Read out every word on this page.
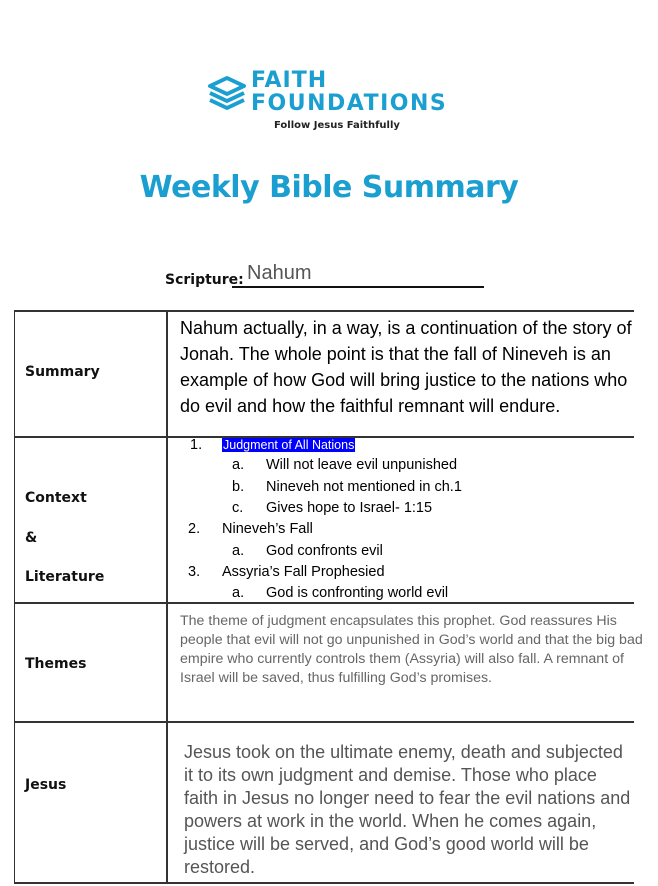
FAITH
FOUNDATIONS
Follow Jesus Faithfully
Weekly Bible Summary
Scripture: Nahum
Summary
Nahum actually, in a way, is a continuation of the story of Jonah. The whole point is that the fall of Nineveh is an example of how God will bring justice to the nations who do evil and how the faithful remnant will endure.
Context
&
Literature
1. Judgment of All Nations
a. Will not leave evil unpunished
b. Nineveh not mentioned in ch.1
c. Gives hope to Israel- 1:15
2. Nineveh’s Fall
a. God confronts evil
3. Assyria’s Fall Prophesied
a. God is confronting world evil
Themes
The theme of judgment encapsulates this prophet. God reassures His people that evil will not go unpunished in God’s world and that the big bad empire who currently controls them (Assyria) will also fall. A remnant of Israel will be saved, thus fulfilling God’s promises.
Jesus
Jesus took on the ultimate enemy, death and subjected it to its own judgment and demise. Those who place faith in Jesus no longer need to fear the evil nations and powers at work in the world. When he comes again, justice will be served, and God’s good world will be restored.
